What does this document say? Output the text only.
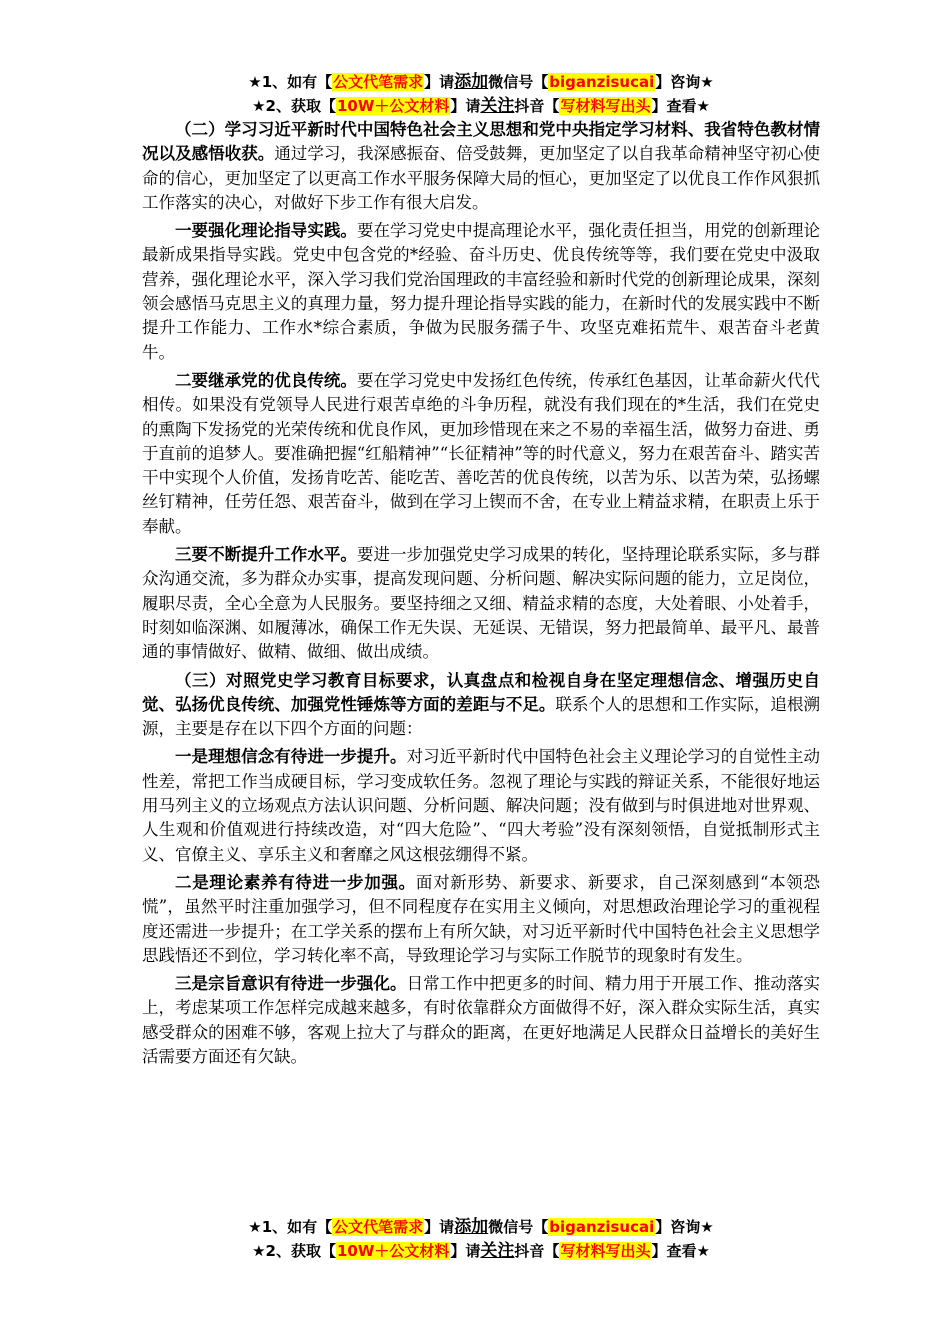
★1、如有【公文代笔需求】请添加微信号【biganzisucai】咨询★
★2、获取【10W＋公文材料】请关注抖音【写材料写出头】查看★

（二）学习习近平新时代中国特色社会主义思想和党中央指定学习材料、我省特色教材情况以及感悟收获。通过学习，我深感振奋、倍受鼓舞，更加坚定了以自我革命精神坚守初心使命的信心，更加坚定了以更高工作水平服务保障大局的恒心，更加坚定了以优良工作作风狠抓工作落实的决心，对做好下步工作有很大启发。

一要强化理论指导实践。要在学习党史中提高理论水平，强化责任担当，用党的创新理论最新成果指导实践。党史中包含党的*经验、奋斗历史、优良传统等等，我们要在党史中汲取营养，强化理论水平，深入学习我们党治国理政的丰富经验和新时代党的创新理论成果，深刻领会感悟马克思主义的真理力量，努力提升理论指导实践的能力，在新时代的发展实践中不断提升工作能力、工作水*综合素质，争做为民服务孺子牛、攻坚克难拓荒牛、艰苦奋斗老黄牛。

二要继承党的优良传统。要在学习党史中发扬红色传统，传承红色基因，让革命薪火代代相传。如果没有党领导人民进行艰苦卓绝的斗争历程，就没有我们现在的*生活，我们在党史的熏陶下发扬党的光荣传统和优良作风，更加珍惜现在来之不易的幸福生活，做努力奋进、勇于直前的追梦人。要准确把握“红船精神”“长征精神”等的时代意义，努力在艰苦奋斗、踏实苦干中实现个人价值，发扬肯吃苦、能吃苦、善吃苦的优良传统，以苦为乐、以苦为荣，弘扬螺丝钉精神，任劳任怨、艰苦奋斗，做到在学习上锲而不舍，在专业上精益求精，在职责上乐于奉献。

三要不断提升工作水平。要进一步加强党史学习成果的转化，坚持理论联系实际，多与群众沟通交流，多为群众办实事，提高发现问题、分析问题、解决实际问题的能力，立足岗位，履职尽责，全心全意为人民服务。要坚持细之又细、精益求精的态度，大处着眼、小处着手，时刻如临深渊、如履薄冰，确保工作无失误、无延误、无错误，努力把最简单、最平凡、最普通的事情做好、做精、做细、做出成绩。

（三）对照党史学习教育目标要求，认真盘点和检视自身在坚定理想信念、增强历史自觉、弘扬优良传统、加强党性锤炼等方面的差距与不足。联系个人的思想和工作实际，追根溯源，主要是存在以下四个方面的问题：

一是理想信念有待进一步提升。对习近平新时代中国特色社会主义理论学习的自觉性主动性差，常把工作当成硬目标，学习变成软任务。忽视了理论与实践的辩证关系，不能很好地运用马列主义的立场观点方法认识问题、分析问题、解决问题；没有做到与时俱进地对世界观、人生观和价值观进行持续改造，对“四大危险”、“四大考验”没有深刻领悟，自觉抵制形式主义、官僚主义、享乐主义和奢靡之风这根弦绷得不紧。

二是理论素养有待进一步加强。面对新形势、新要求、新要求，自己深刻感到“本领恐慌”，虽然平时注重加强学习，但不同程度存在实用主义倾向，对思想政治理论学习的重视程度还需进一步提升；在工学关系的摆布上有所欠缺，对习近平新时代中国特色社会主义思想学思践悟还不到位，学习转化率不高，导致理论学习与实际工作脱节的现象时有发生。

三是宗旨意识有待进一步强化。日常工作中把更多的时间、精力用于开展工作、推动落实上，考虑某项工作怎样完成越来越多，有时依靠群众方面做得不好，深入群众实际生活，真实感受群众的困难不够，客观上拉大了与群众的距离，在更好地满足人民群众日益增长的美好生活需要方面还有欠缺。

★1、如有【公文代笔需求】请添加微信号【biganzisucai】咨询★
★2、获取【10W＋公文材料】请关注抖音【写材料写出头】查看★
